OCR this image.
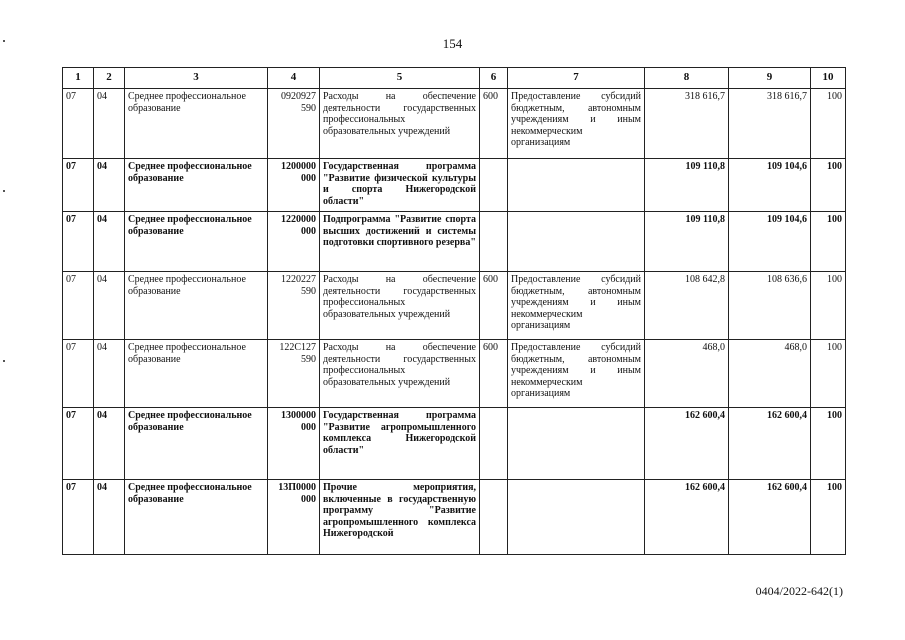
154
1	2	3	4	5	6	7	8	9	10
07	04	Среднее профессиональное образование	0920927 590	Расходы на обеспечение деятельности государственных профессиональных образовательных учреждений	600	Предоставление субсидий бюджетным, автономным учреждениям и иным некоммерческим организациям	318 616,7	318 616,7	100
07	04	Среднее профессиональное образование	1200000 000	Государственная программа "Развитие физической культуры и спорта Нижегородской области"			109 110,8	109 104,6	100
07	04	Среднее профессиональное образование	1220000 000	Подпрограмма "Развитие спорта высших достижений и системы подготовки спортивного резерва"			109 110,8	109 104,6	100
07	04	Среднее профессиональное образование	1220227 590	Расходы на обеспечение деятельности государственных профессиональных образовательных учреждений	600	Предоставление субсидий бюджетным, автономным учреждениям и иным некоммерческим организациям	108 642,8	108 636,6	100
07	04	Среднее профессиональное образование	122С127 590	Расходы на обеспечение деятельности государственных профессиональных образовательных учреждений	600	Предоставление субсидий бюджетным, автономным учреждениям и иным некоммерческим организациям	468,0	468,0	100
07	04	Среднее профессиональное образование	1300000 000	Государственная программа "Развитие агропромышленного комплекса Нижегородской области"			162 600,4	162 600,4	100
07	04	Среднее профессиональное образование	13П0000 000	Прочие мероприятия, включенные в государственную программу "Развитие агропромышленного комплекса Нижегородской			162 600,4	162 600,4	100
0404/2022-642(1)
